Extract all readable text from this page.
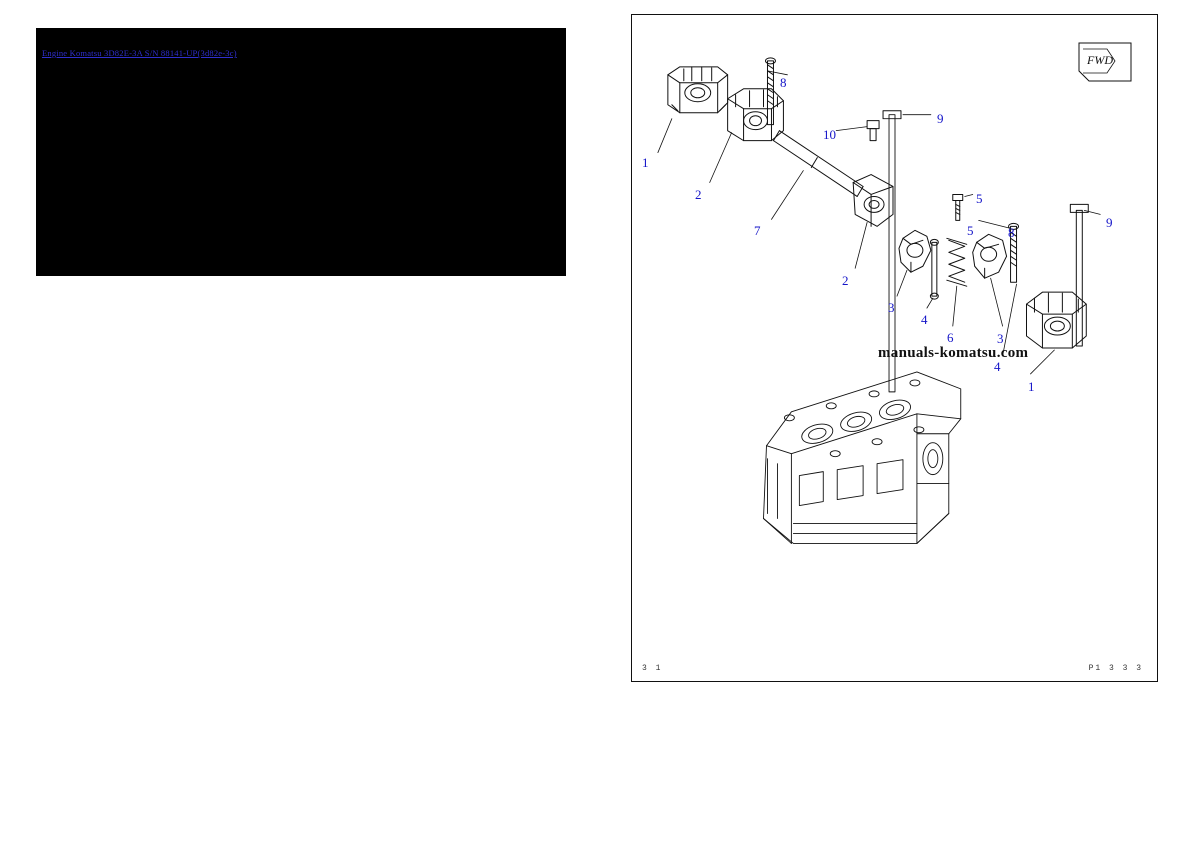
Engine Komatsu 3D82E-3A S/N 88141-UP(3d82e-3c)	FWD
manuals-komatsu.com
3 1	P1 3 3 3
8
9
10
1
2	5
7	5	8
9
2
3
4
6	3
4
1
